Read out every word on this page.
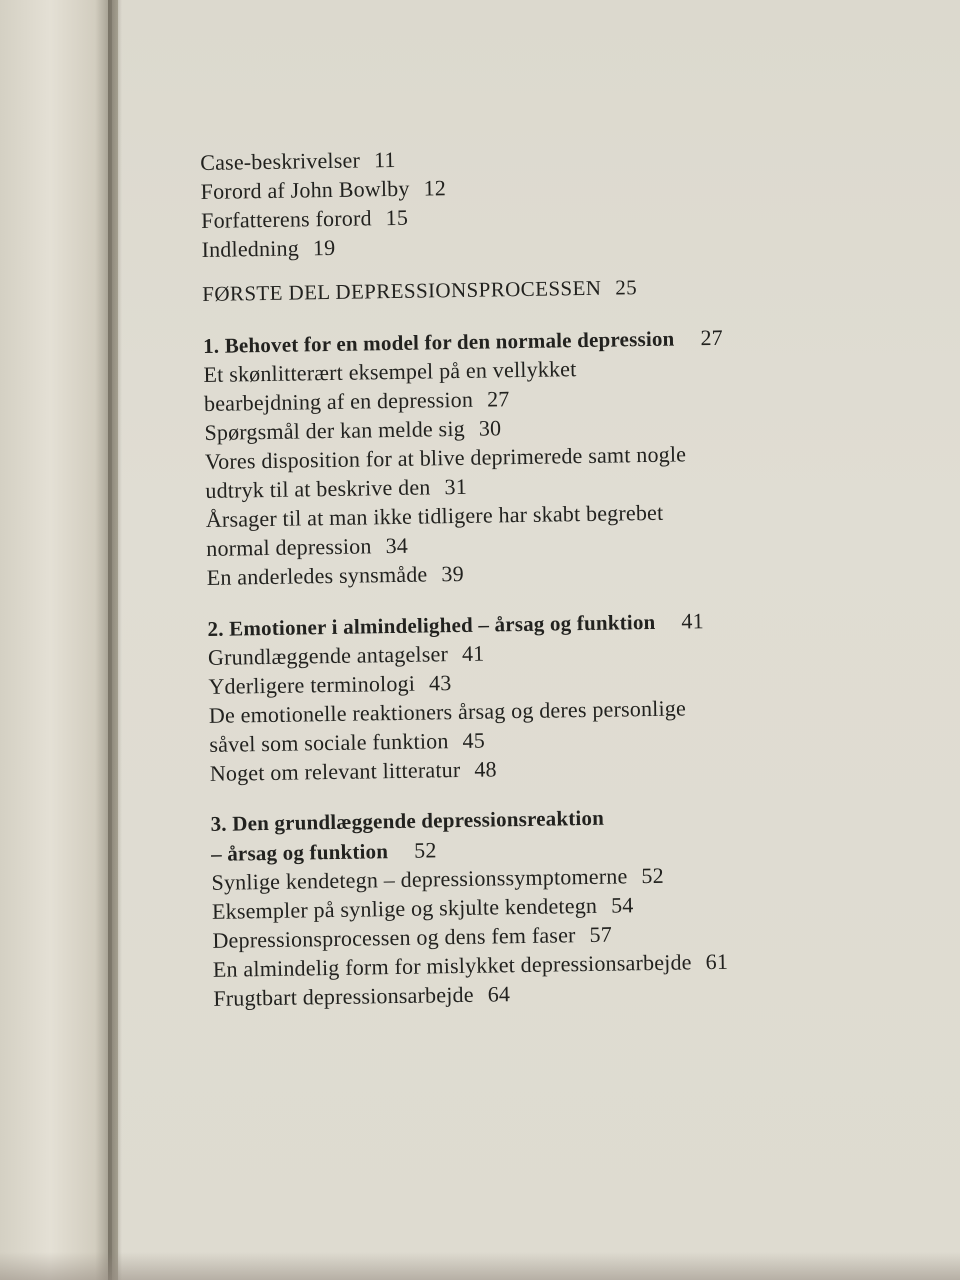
Case-beskrivelser 11
Forord af John Bowlby 12
Forfatterens forord 15
Indledning 19
FØRSTE DEL DEPRESSIONSPROCESSEN 25
1. Behovet for en model for den normale depression 27
Et skønlitterært eksempel på en vellykket
bearbejdning af en depression 27
Spørgsmål der kan melde sig 30
Vores disposition for at blive deprimerede samt nogle
udtryk til at beskrive den 31
Årsager til at man ikke tidligere har skabt begrebet
normal depression 34
En anderledes synsmåde 39
2. Emotioner i almindelighed – årsag og funktion 41
Grundlæggende antagelser 41
Yderligere terminologi 43
De emotionelle reaktioners årsag og deres personlige
såvel som sociale funktion 45
Noget om relevant litteratur 48
3. Den grundlæggende depressionsreaktion
– årsag og funktion 52
Synlige kendetegn – depressionssymptomerne 52
Eksempler på synlige og skjulte kendetegn 54
Depressionsprocessen og dens fem faser 57
En almindelig form for mislykket depressionsarbejde 61
Frugtbart depressionsarbejde 64
